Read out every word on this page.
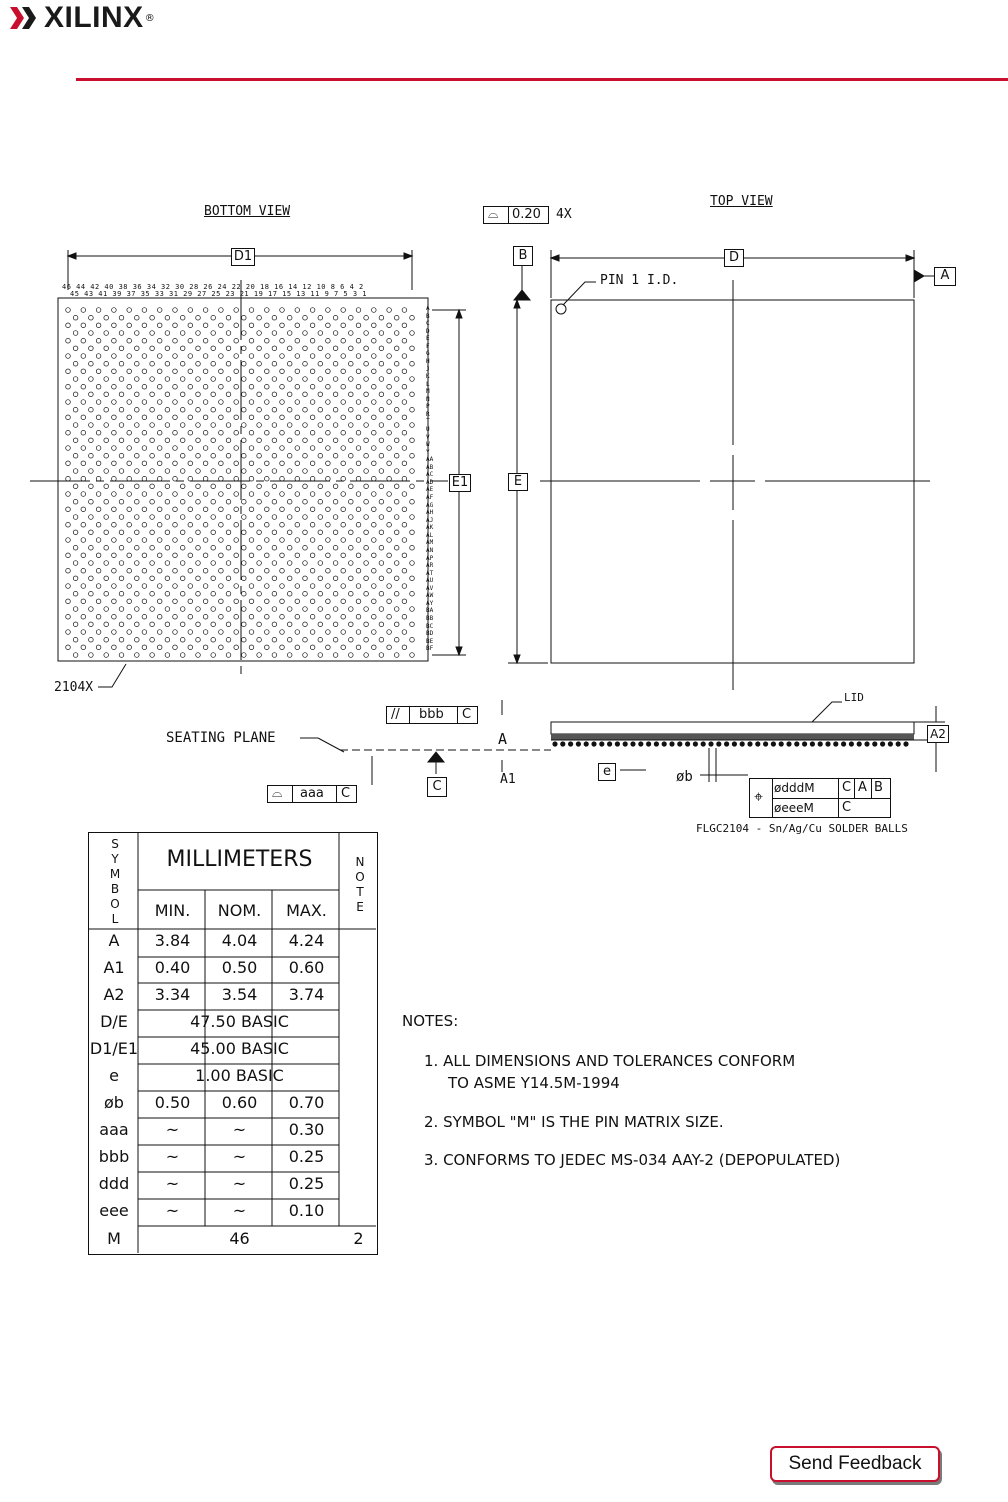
XILINX ®
BOTTOM VIEW
D1
46 44 42 40 38 36 34 32 30 28 26 24 22 20 18 16 14 12 10 8 6 4 2
45 43 41 39 37 35 33 31 29 27 25 23 21 19 17 15 13 11 9 7 5 3 1
A
B
C
D
E
F
G
H
J
K
L
M
N
P
R
T
U
V
W
Y
AA
AB
AC
AD
AE
AF
AG
AH
AJ
AK
AL
AM
AN
AP
AR
AT
AU
AV
AW
AY
BA
BB
BC
BD
BE
BF
E1
2104X
TOP VIEW
⌓ 0.20 4X
B	D
A
PIN 1 I.D.
E
SEATING PLANE
LID
// bbb C
A
A1
A2
C
⌓ aaa C
e	øb
⌖ ødddM
øeeeM
C A B
C
FLGC2104 - Sn/Ag/Cu SOLDER BALLS
S Y M B O L
MILLIMETERS	N O T E
MIN.	NOM.	MAX.
A	3.84	4.04	4.24
A1	0.40	0.50	0.60
A2	3.34	3.54	3.74
D/E	47.50 BASIC
D1/E1	45.00 BASIC
e	1.00 BASIC
øb	0.50	0.60	0.70
aaa	~	~	0.30
bbb	~	~	0.25
ddd	~	~	0.25
eee	~	~	0.10
M	46	2
NOTES:
1. ALL DIMENSIONS AND TOLERANCES CONFORM
TO ASME Y14.5M-1994
2. SYMBOL "M" IS THE PIN MATRIX SIZE.
3. CONFORMS TO JEDEC MS-034 AAY-2 (DEPOPULATED)
Send Feedback
